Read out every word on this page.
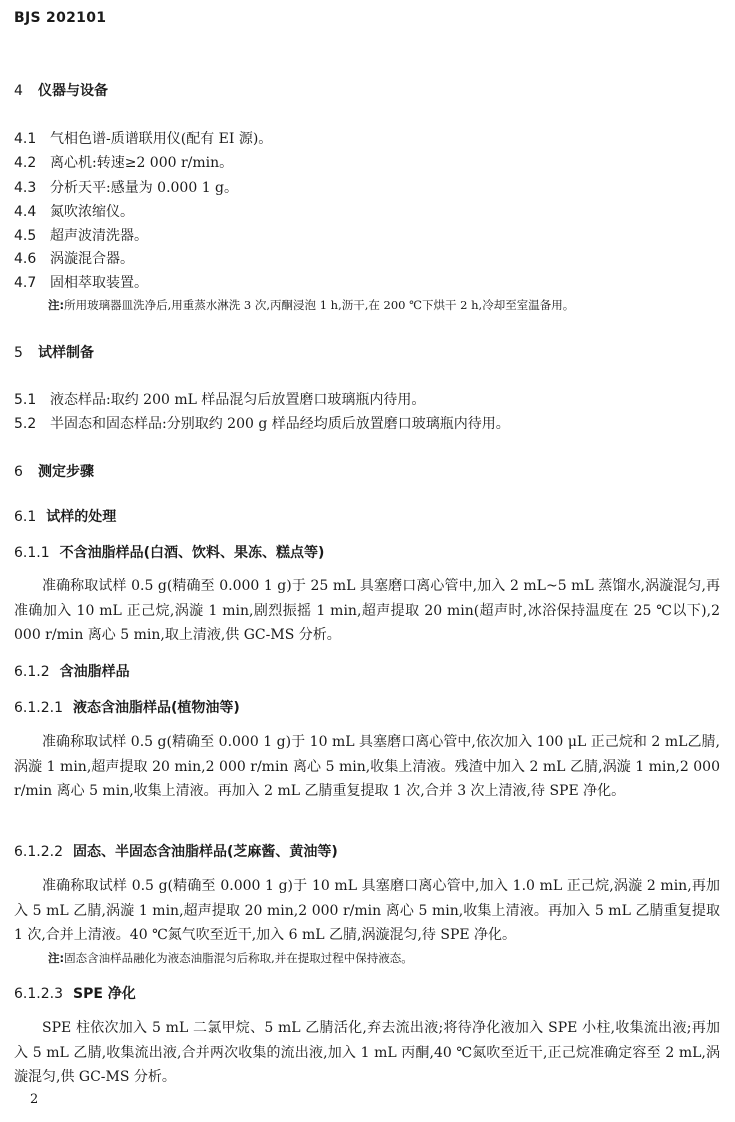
BJS 202101
4 仪器与设备
4.1 气相色谱-质谱联用仪(配有 EI 源)。
4.2 离心机:转速≥2 000 r/min。
4.3 分析天平:感量为 0.000 1 g。
4.4 氮吹浓缩仪。
4.5 超声波清洗器。
4.6 涡漩混合器。
4.7 固相萃取装置。
注:所用玻璃器皿洗净后,用重蒸水淋洗 3 次,丙酮浸泡 1 h,沥干,在 200 ℃下烘干 2 h,冷却至室温备用。
5 试样制备
5.1 液态样品:取约 200 mL 样品混匀后放置磨口玻璃瓶内待用。
5.2 半固态和固态样品:分别取约 200 g 样品经均质后放置磨口玻璃瓶内待用。
6 测定步骤
6.1 试样的处理
6.1.1 不含油脂样品(白酒、饮料、果冻、糕点等)
准确称取试样 0.5 g(精确至 0.000 1 g)于 25 mL 具塞磨口离心管中,加入 2 mL~5 mL 蒸馏水,涡漩混匀,再准确加入 10 mL 正己烷,涡漩 1 min,剧烈振摇 1 min,超声提取 20 min(超声时,冰浴保持温度在 25 ℃以下),2 000 r/min 离心 5 min,取上清液,供 GC-MS 分析。
6.1.2 含油脂样品
6.1.2.1 液态含油脂样品(植物油等)
准确称取试样 0.5 g(精确至 0.000 1 g)于 10 mL 具塞磨口离心管中,依次加入 100 μL 正己烷和 2 mL乙腈,涡漩 1 min,超声提取 20 min,2 000 r/min 离心 5 min,收集上清液。残渣中加入 2 mL 乙腈,涡漩 1 min,2 000 r/min 离心 5 min,收集上清液。再加入 2 mL 乙腈重复提取 1 次,合并 3 次上清液,待 SPE 净化。
6.1.2.2 固态、半固态含油脂样品(芝麻酱、黄油等)
准确称取试样 0.5 g(精确至 0.000 1 g)于 10 mL 具塞磨口离心管中,加入 1.0 mL 正己烷,涡漩 2 min,再加入 5 mL 乙腈,涡漩 1 min,超声提取 20 min,2 000 r/min 离心 5 min,收集上清液。再加入 5 mL 乙腈重复提取 1 次,合并上清液。40 ℃氮气吹至近干,加入 6 mL 乙腈,涡漩混匀,待 SPE 净化。
注:固态含油样品融化为液态油脂混匀后称取,并在提取过程中保持液态。
6.1.2.3 SPE 净化
SPE 柱依次加入 5 mL 二氯甲烷、5 mL 乙腈活化,弃去流出液;将待净化液加入 SPE 小柱,收集流出液;再加入 5 mL 乙腈,收集流出液,合并两次收集的流出液,加入 1 mL 丙酮,40 ℃氮吹至近干,正己烷准确定容至 2 mL,涡漩混匀,供 GC-MS 分析。
2
